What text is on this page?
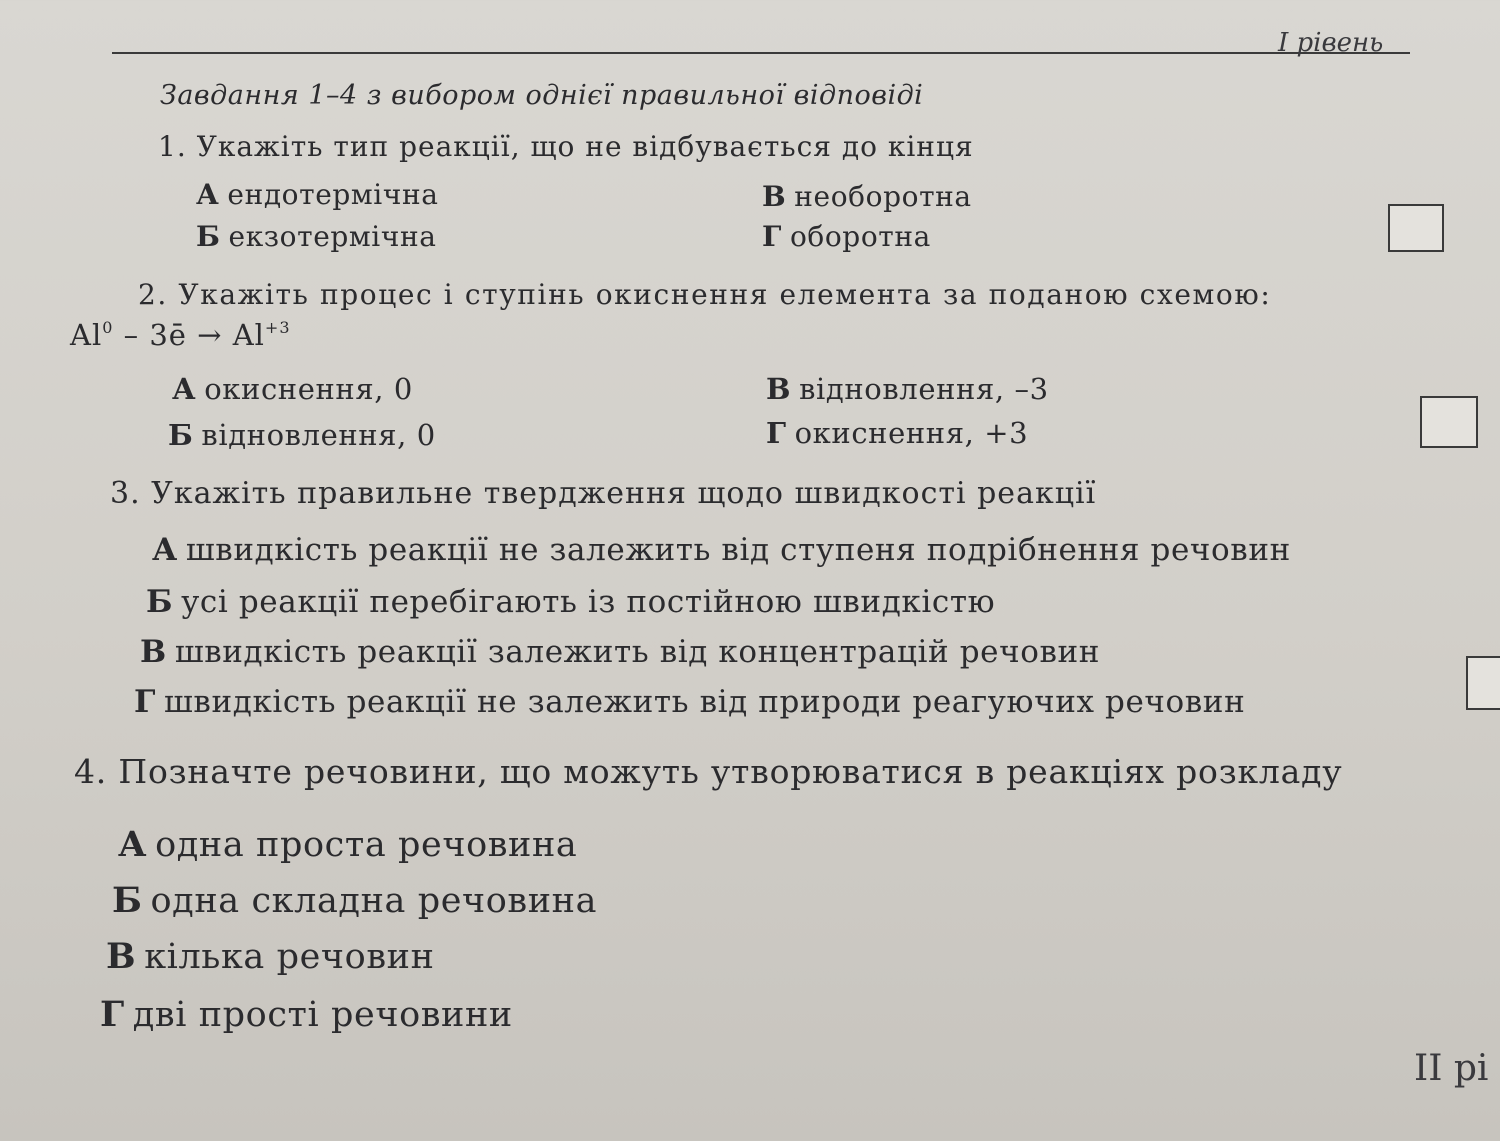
І рівень
Завдання 1–4 з вибором однієї правильної відповіді
1. Укажіть тип реакції, що не відбувається до кінця
А ендотермічна
Б екзотермічна
В необоротна
Г оборотна
2. Укажіть процес і ступінь окиснення елемента за поданою схемою:
Al$^0$ – 3ē → $Al^{+3}$
А окиснення, 0
Б відновлення, 0
В відновлення, –3
Г окиснення, +3
3. Укажіть правильне твердження щодо швидкості реакції
А швидкість реакції не залежить від ступеня подрібнення речовин
Б усі реакції перебігають із постійною швидкістю
В швидкість реакції залежить від концентрацій речовин
Г швидкість реакції не залежить від природи реагуючих речовин
4. Позначте речовини, що можуть утворюватися в реакціях розкладу
А одна проста речовина
Б одна складна речовина
В кілька речовин
Г дві прості речовини
ІІ рі
